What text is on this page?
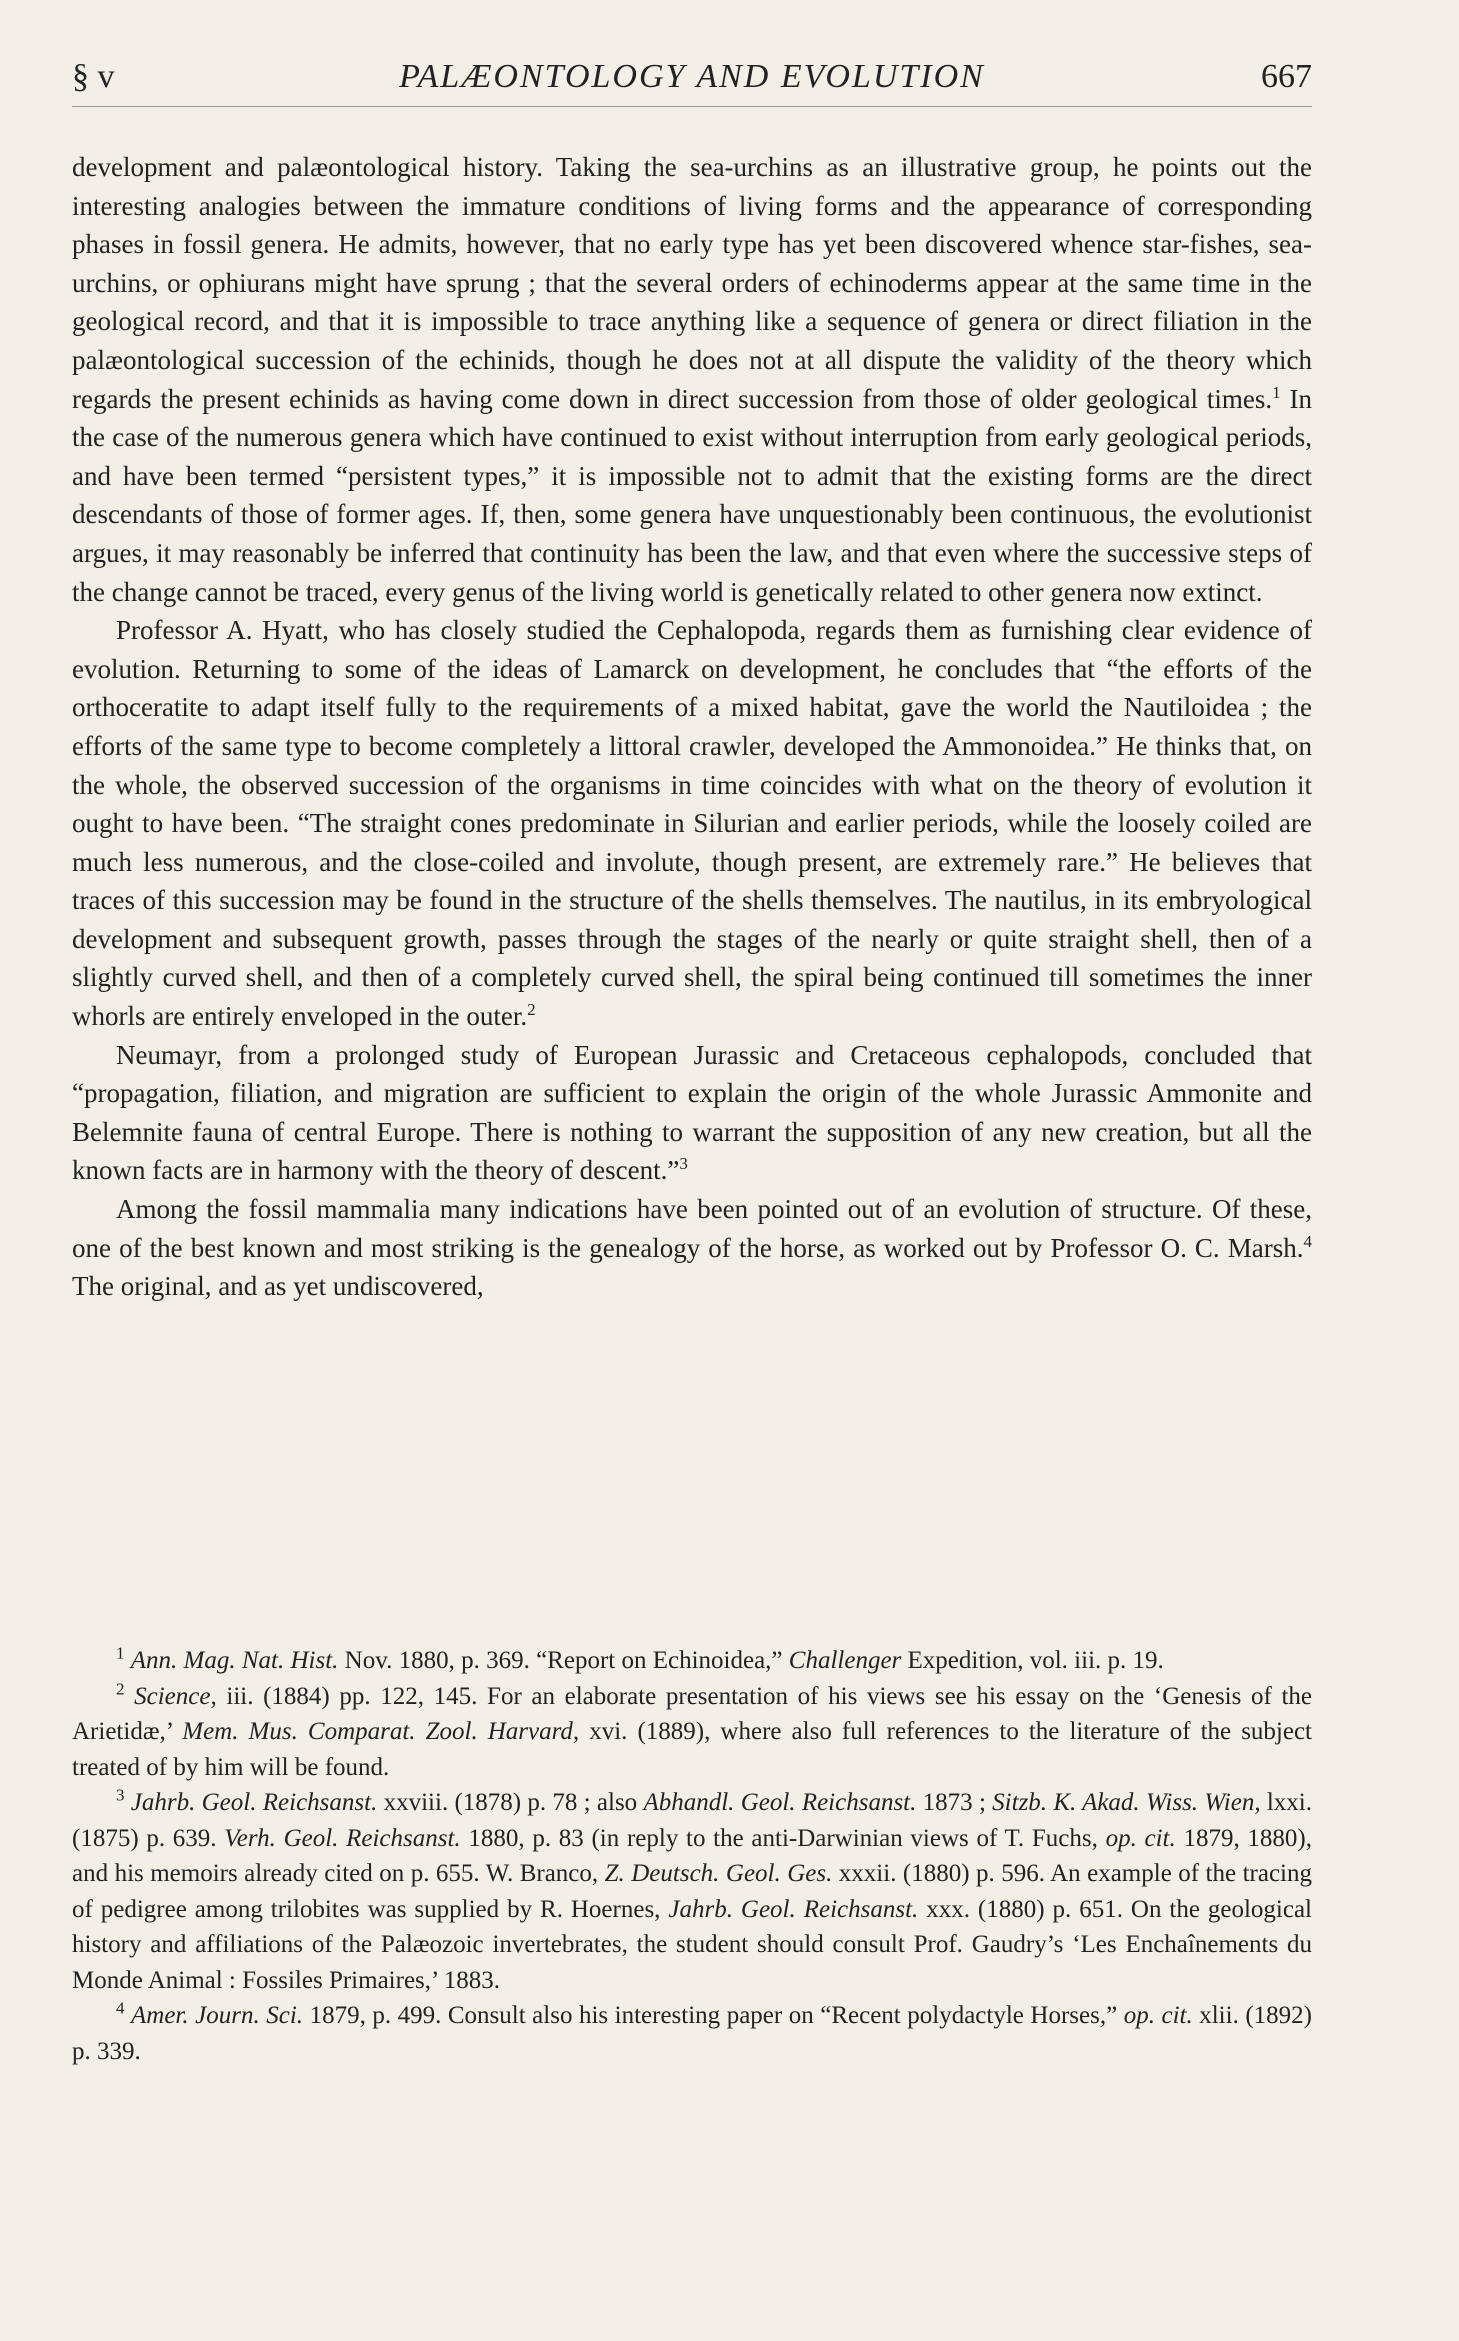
§ v	PALÆONTOLOGY AND EVOLUTION	667

development and palæontological history. Taking the sea-urchins as an illustrative group, he points out the interesting analogies between the immature conditions of living forms and the appearance of corresponding phases in fossil genera. He admits, however, that no early type has yet been discovered whence star-fishes, sea-urchins, or ophiurans might have sprung ; that the several orders of echinoderms appear at the same time in the geological record, and that it is impossible to trace anything like a sequence of genera or direct filiation in the palæontological succession of the echinids, though he does not at all dispute the validity of the theory which regards the present echinids as having come down in direct succession from those of older geological times.$^1$ In the case of the numerous genera which have continued to exist without interruption from early geological periods, and have been termed “persistent types,” it is impossible not to admit that the existing forms are the direct descendants of those of former ages. If, then, some genera have unquestionably been continuous, the evolutionist argues, it may reasonably be inferred that continuity has been the law, and that even where the successive steps of the change cannot be traced, every genus of the living world is genetically related to other genera now extinct.

Professor A. Hyatt, who has closely studied the Cephalopoda, regards them as furnishing clear evidence of evolution. Returning to some of the ideas of Lamarck on development, he concludes that “the efforts of the orthoceratite to adapt itself fully to the requirements of a mixed habitat, gave the world the Nautiloidea ; the efforts of the same type to become completely a littoral crawler, developed the Ammonoidea.” He thinks that, on the whole, the observed succession of the organisms in time coincides with what on the theory of evolution it ought to have been. “The straight cones predominate in Silurian and earlier periods, while the loosely coiled are much less numerous, and the close-coiled and involute, though present, are extremely rare.” He believes that traces of this succession may be found in the structure of the shells themselves. The nautilus, in its embryological development and subsequent growth, passes through the stages of the nearly or quite straight shell, then of a slightly curved shell, and then of a completely curved shell, the spiral being continued till sometimes the inner whorls are entirely enveloped in the outer.$^2$

Neumayr, from a prolonged study of European Jurassic and Cretaceous cephalopods, concluded that “propagation, filiation, and migration are sufficient to explain the origin of the whole Jurassic Ammonite and Belemnite fauna of central Europe. There is nothing to warrant the supposition of any new creation, but all the known facts are in harmony with the theory of descent.”$^3$

Among the fossil mammalia many indications have been pointed out of an evolution of structure. Of these, one of the best known and most striking is the genealogy of the horse, as worked out by Professor O. C. Marsh.$^4$ The original, and as yet undiscovered,

$^1$ Ann. Mag. Nat. Hist. Nov. 1880, p. 369. “Report on Echinoidea,” Challenger Expedition, vol. iii. p. 19.

$^2$ Science, iii. (1884) pp. 122, 145. For an elaborate presentation of his views see his essay on the ‘Genesis of the Arietidæ,’ Mem. Mus. Comparat. Zool. Harvard, xvi. (1889), where also full references to the literature of the subject treated of by him will be found.

$^3$ Jahrb. Geol. Reichsanst. xxviii. (1878) p. 78 ; also Abhandl. Geol. Reichsanst. 1873 ; Sitzb. K. Akad. Wiss. Wien, lxxi. (1875) p. 639. Verh. Geol. Reichsanst. 1880, p. 83 (in reply to the anti-Darwinian views of T. Fuchs, op. cit. 1879, 1880), and his memoirs already cited on p. 655. W. Branco, Z. Deutsch. Geol. Ges. xxxii. (1880) p. 596. An example of the tracing of pedigree among trilobites was supplied by R. Hoernes, Jahrb. Geol. Reichsanst. xxx. (1880) p. 651. On the geological history and affiliations of the Palæozoic invertebrates, the student should consult Prof. Gaudry’s ‘Les Enchaînements du Monde Animal : Fossiles Primaires,’ 1883.

$^4$ Amer. Journ. Sci. 1879, p. 499. Consult also his interesting paper on “Recent polydactyle Horses,” op. cit. xlii. (1892) p. 339.
